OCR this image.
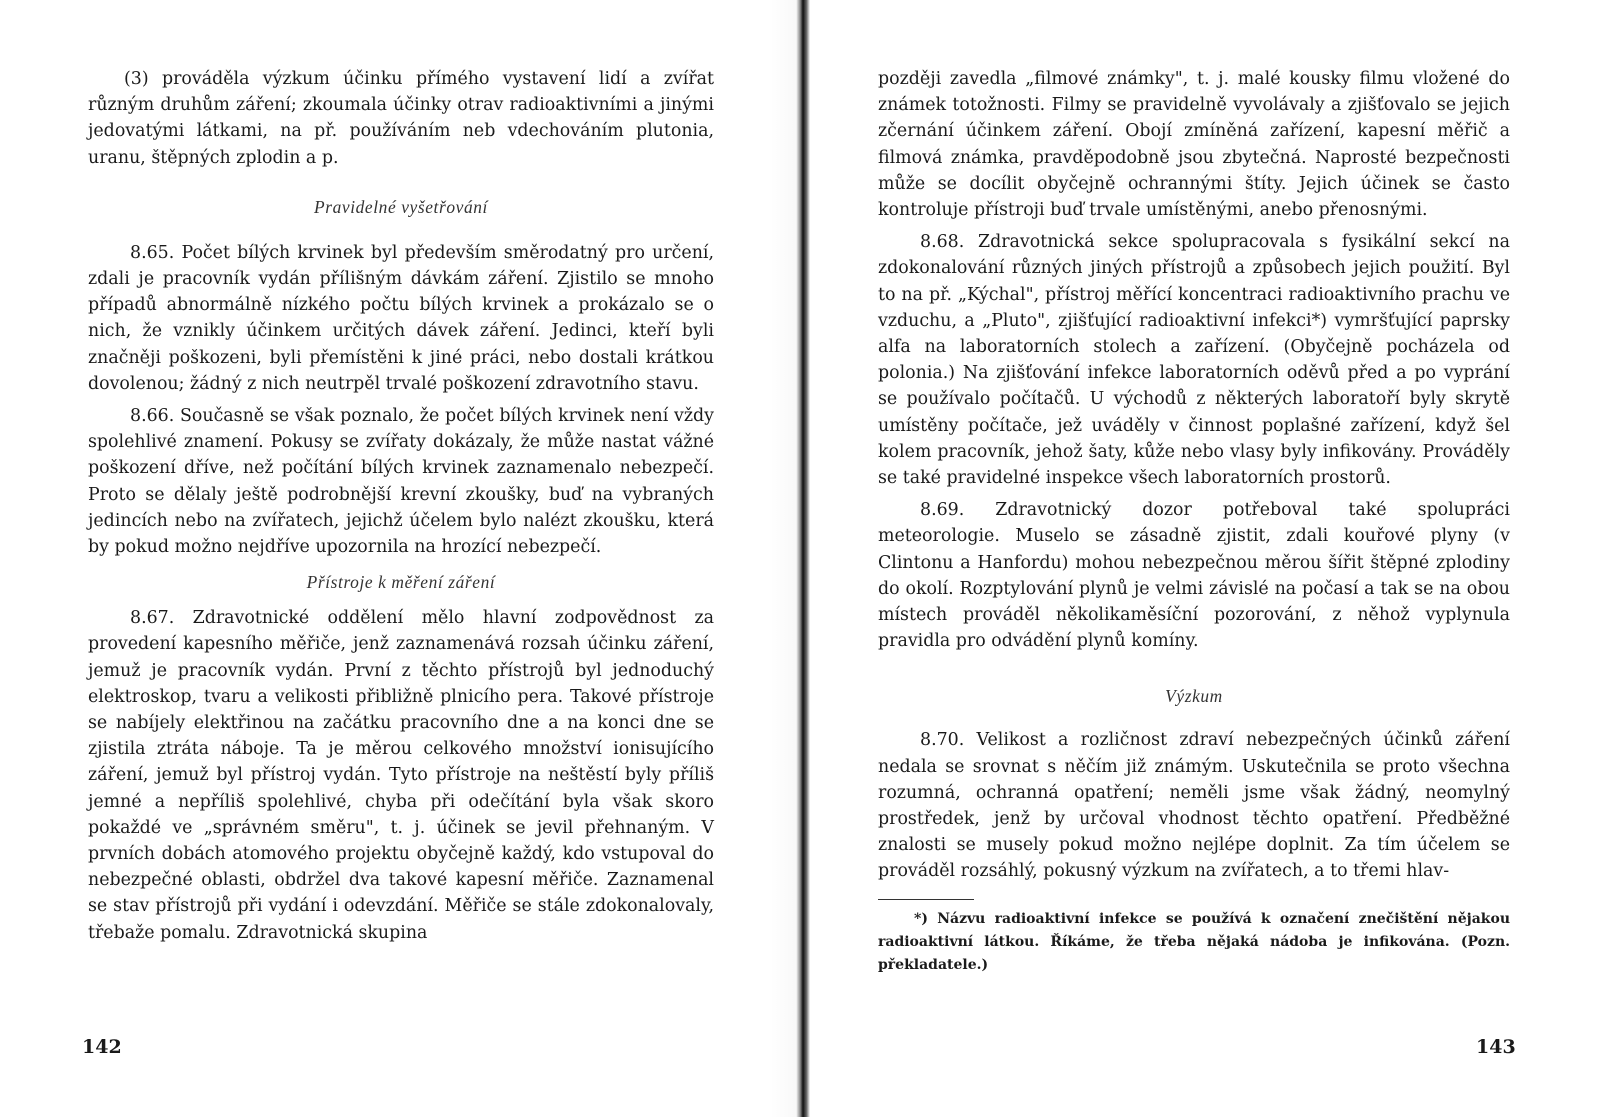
(3) prováděla výzkum účinku přímého vystavení lidí a zvířat různým druhům záření; zkoumala účinky otrav radioaktivními a jinými jedovatými látkami, na př. používáním neb vdechováním plutonia, uranu, štěpných zplodin a p.

Pravidelné vyšetřování

8.65. Počet bílých krvinek byl především směrodatný pro určení, zdali je pracovník vydán přílišným dávkám záření. Zjistilo se mnoho případů abnormálně nízkého počtu bílých krvinek a prokázalo se o nich, že vznikly účinkem určitých dávek záření. Jedinci, kteří byli značněji poškozeni, byli přemístěni k jiné práci, nebo dostali krátkou dovolenou; žádný z nich neutrpěl trvalé poškození zdravotního stavu.

8.66. Současně se však poznalo, že počet bílých krvinek není vždy spolehlivé znamení. Pokusy se zvířaty dokázaly, že může nastat vážné poškození dříve, než počítání bílých krvinek zaznamenalo nebezpečí. Proto se dělaly ještě podrobnější krevní zkoušky, buď na vybraných jedincích nebo na zvířatech, jejichž účelem bylo nalézt zkoušku, která by pokud možno nejdříve upozornila na hrozící nebezpečí.

Přístroje k měření záření

8.67. Zdravotnické oddělení mělo hlavní zodpovědnost za provedení kapesního měřiče, jenž zaznamenává rozsah účinku záření, jemuž je pracovník vydán. První z těchto přístrojů byl jednoduchý elektroskop, tvaru a velikosti přibližně plnicího pera. Takové přístroje se nabíjely elektřinou na začátku pracovního dne a na konci dne se zjistila ztráta náboje. Ta je měrou celkového množství ionisujícího záření, jemuž byl přístroj vydán. Tyto přístroje na neštěstí byly příliš jemné a nepříliš spolehlivé, chyba při odečítání byla však skoro pokaždé ve „správném směru", t. j. účinek se jevil přehnaným. V prvních dobách atomového projektu obyčejně každý, kdo vstupoval do nebezpečné oblasti, obdržel dva takové kapesní měřiče. Zaznamenal se stav přístrojů při vydání i odevzdání. Měřiče se stále zdokonalovaly, třebaže pomalu. Zdravotnická skupina

142

později zavedla „filmové známky", t. j. malé kousky filmu vložené do známek totožnosti. Filmy se pravidelně vyvolávaly a zjišťovalo se jejich zčernání účinkem záření. Obojí zmíněná zařízení, kapesní měřič a filmová známka, pravděpodobně jsou zbytečná. Naprosté bezpečnosti může se docílit obyčejně ochrannými štíty. Jejich účinek se často kontroluje přístroji buď trvale umístěnými, anebo přenosnými.

8.68. Zdravotnická sekce spolupracovala s fysikální sekcí na zdokonalování různých jiných přístrojů a způsobech jejich použití. Byl to na př. „Kýchal", přístroj měřící koncentraci radioaktivního prachu ve vzduchu, a „Pluto", zjišťující radioaktivní infekci*) vymršťující paprsky alfa na laboratorních stolech a zařízení. (Obyčejně pocházela od polonia.) Na zjišťování infekce laboratorních oděvů před a po vyprání se používalo počítačů. U východů z některých laboratoří byly skrytě umístěny počítače, jež uváděly v činnost poplašné zařízení, když šel kolem pracovník, jehož šaty, kůže nebo vlasy byly infikovány. Prováděly se také pravidelné inspekce všech laboratorních prostorů.

8.69. Zdravotnický dozor potřeboval také spolupráci meteorologie. Muselo se zásadně zjistit, zdali kouřové plyny (v Clintonu a Hanfordu) mohou nebezpečnou měrou šířit štěpné zplodiny do okolí. Rozptylování plynů je velmi závislé na počasí a tak se na obou místech prováděl několikaměsíční pozorování, z něhož vyplynula pravidla pro odvádění plynů komíny.

Výzkum

8.70. Velikost a rozličnost zdraví nebezpečných účinků záření nedala se srovnat s něčím již známým. Uskutečnila se proto všechna rozumná, ochranná opatření; neměli jsme však žádný, neomylný prostředek, jenž by určoval vhodnost těchto opatření. Předběžné znalosti se musely pokud možno nejlépe doplnit. Za tím účelem se prováděl rozsáhlý, pokusný výzkum na zvířatech, a to třemi hlav-

*) Názvu radioaktivní infekce se používá k označení znečištění nějakou radioaktivní látkou. Říkáme, že třeba nějaká nádoba je infikována. (Pozn. překladatele.)

143
